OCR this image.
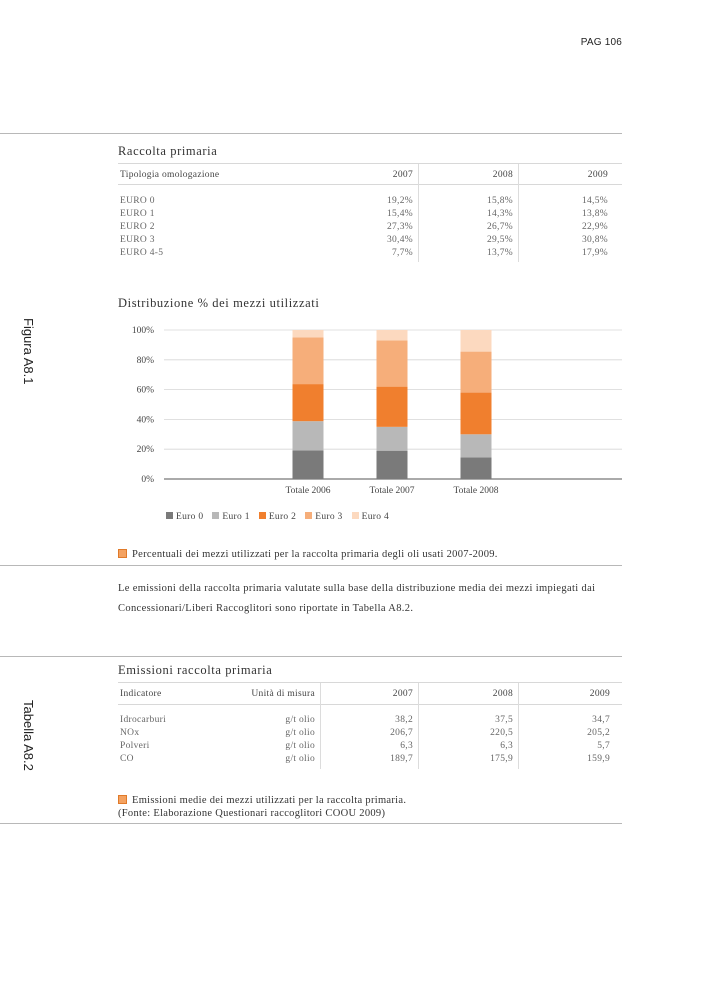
PAG 106
Raccolta primaria
Tipologia omologazione	2007	2008	2009
EURO 0	19,2%	15,8%	14,5%
EURO 1	15,4%	14,3%	13,8%
EURO 2	27,3%	26,7%	22,9%
EURO 3	30,4%	29,5%	30,8%
EURO 4-5	7,7%	13,7%	17,9%
Figura A8.1
Distribuzione % dei mezzi utilizzati
0%
20%
40%
60%
80%
100%
Totale 2006	Totale 2007	Totale 2008
Euro 0 Euro 1 Euro 2 Euro 3 Euro 4
Percentuali dei mezzi utilizzati per la raccolta primaria degli oli usati 2007-2009.
Le emissioni della raccolta primaria valutate sulla base della distribuzione media dei mezzi impiegati dai
Concessionari/Liberi Raccoglitori sono riportate in Tabella A8.2.
Tabella A8.2
Emissioni raccolta primaria
Indicatore	Unità di misura	2007	2008	2009
Idrocarburi	g/t olio	38,2	37,5	34,7
NOx	g/t olio	206,7	220,5	205,2
Polveri	g/t olio	6,3	6,3	5,7
CO	g/t olio	189,7	175,9	159,9
Emissioni medie dei mezzi utilizzati per la raccolta primaria.
(Fonte: Elaborazione Questionari raccoglitori COOU 2009)
